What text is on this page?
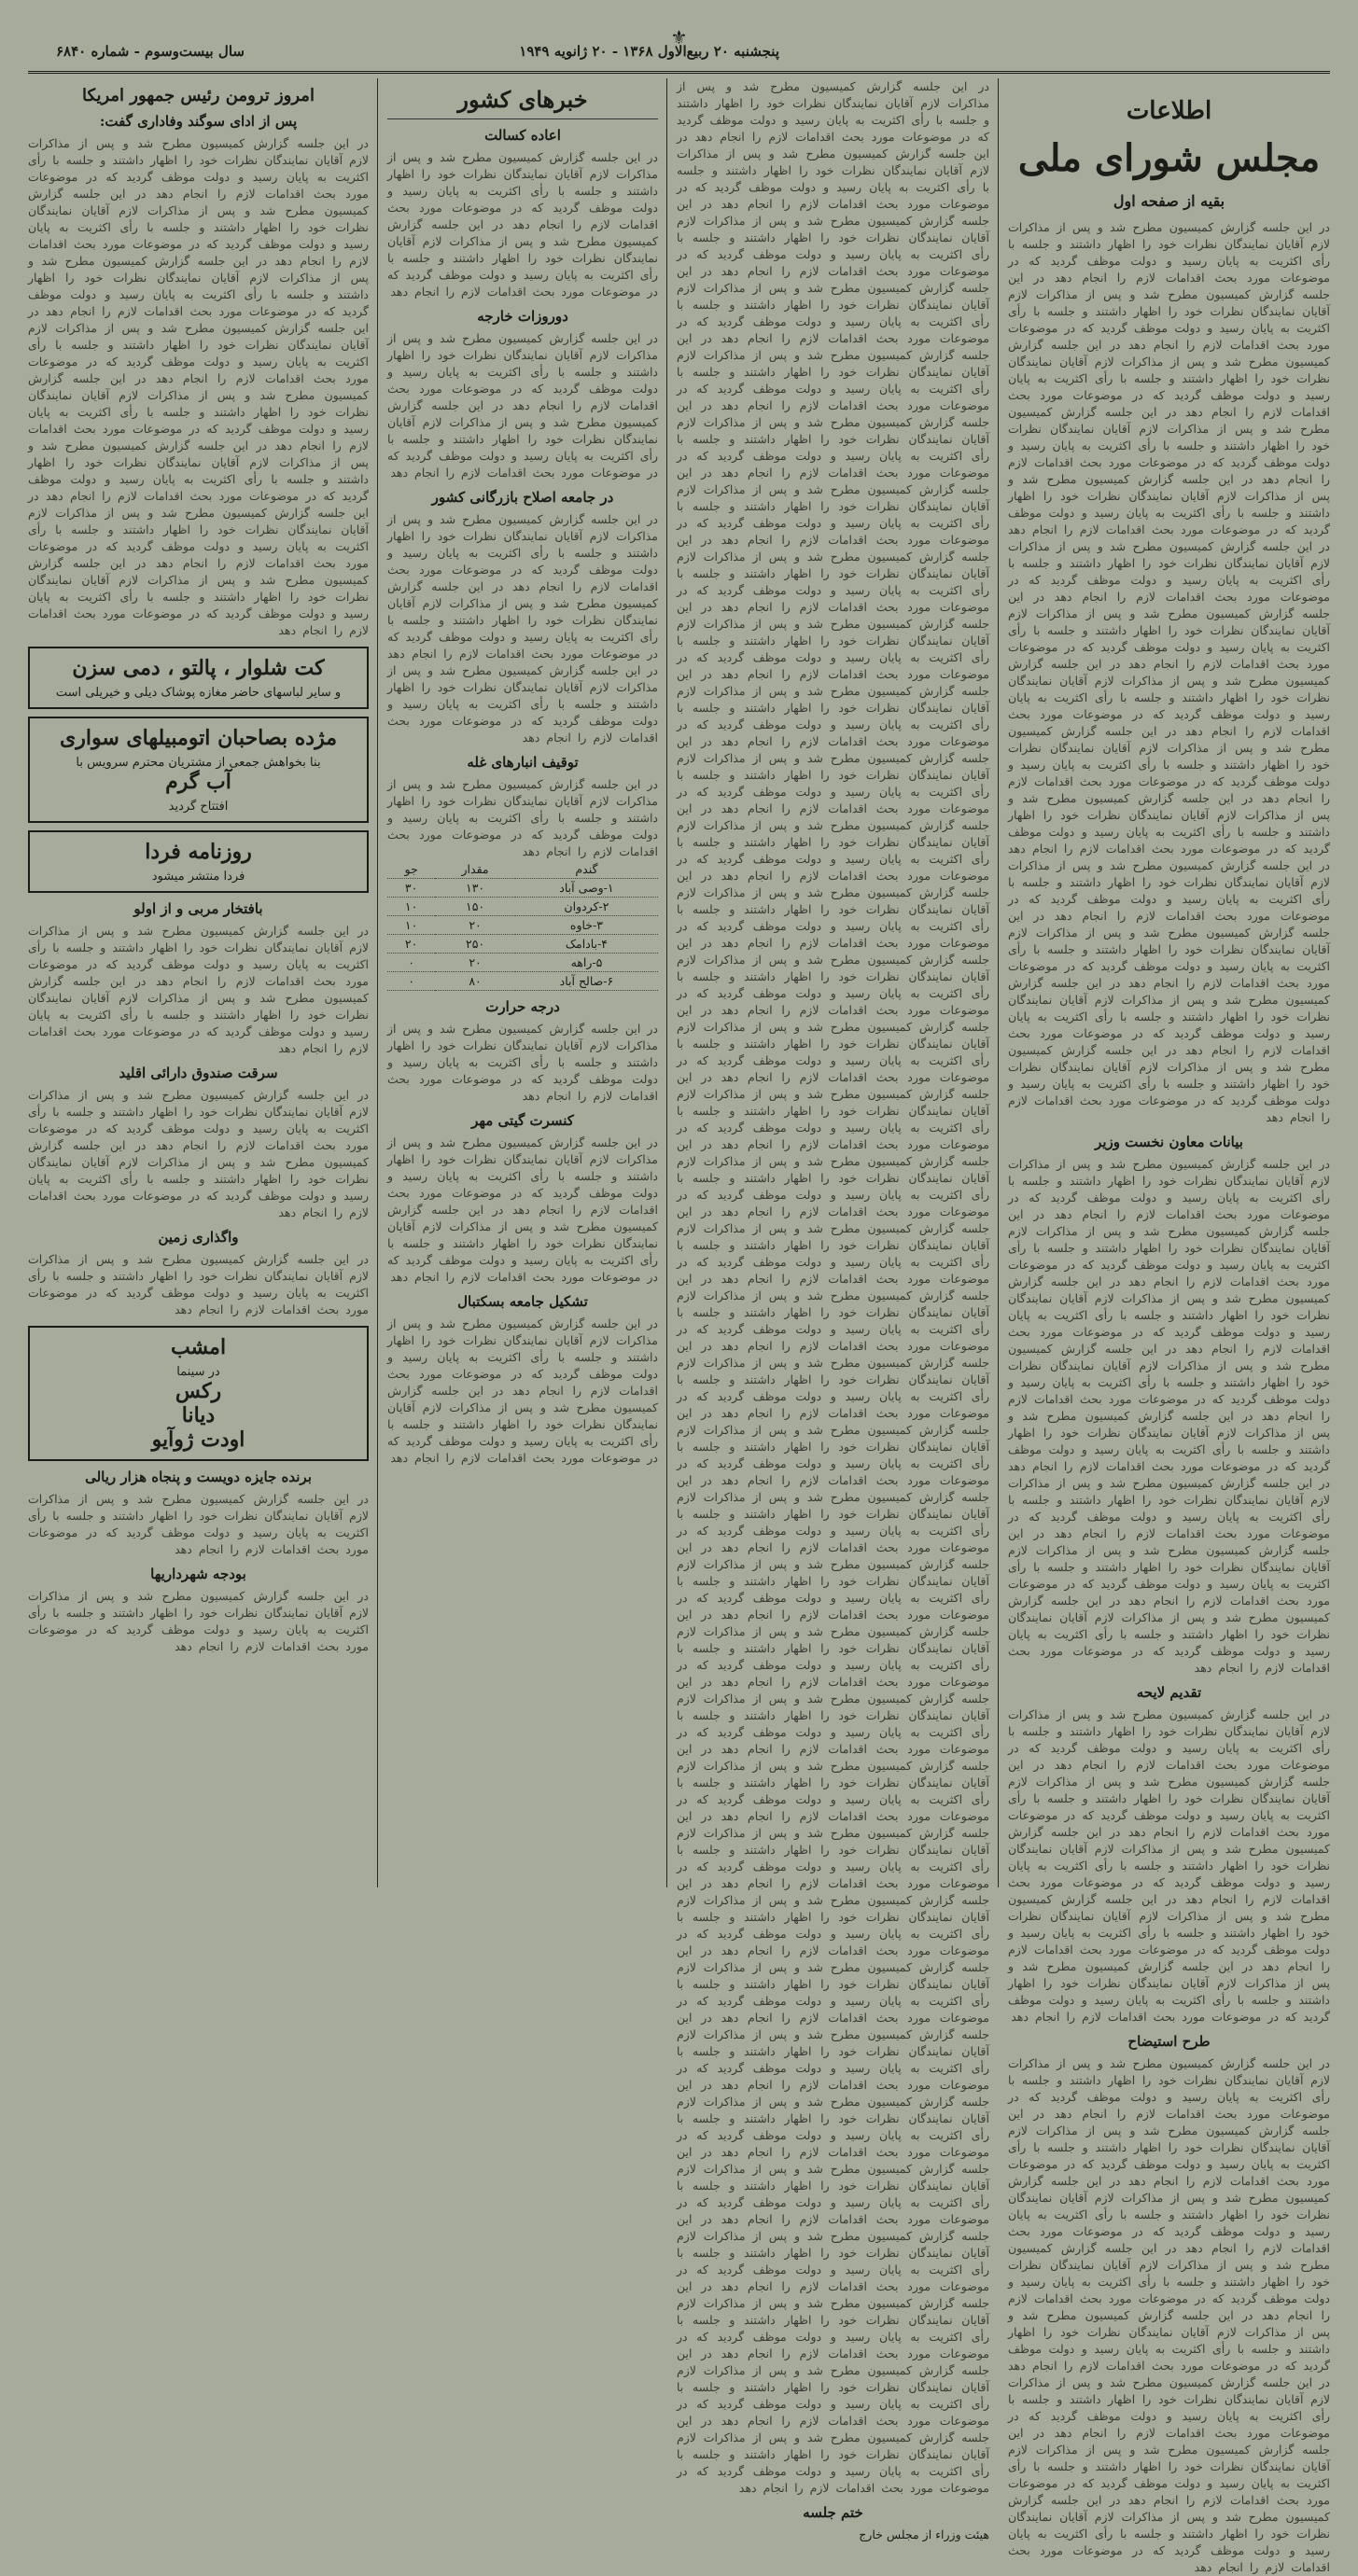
پنجشنبه ۲۰ ربیع‌الاول ۱۳۶۸ - ۲۰ ژانویه ۱۹۴۹
سال بیست‌وسوم - شماره ۶۸۴۰
⚜
اطلاعات
مجلس شورای ملی
بقیه از صفحه اول
در این جلسه گزارش کمیسیون مطرح شد و پس از مذاکرات لازم آقایان نمایندگان نظرات خود را اظهار داشتند و جلسه با رأی اکثریت به پایان رسید و دولت موظف گردید که در موضوعات مورد بحث اقدامات لازم را انجام دهد در این جلسه گزارش کمیسیون مطرح شد و پس از مذاکرات لازم آقایان نمایندگان نظرات خود را اظهار داشتند و جلسه با رأی اکثریت به پایان رسید و دولت موظف گردید که در موضوعات مورد بحث اقدامات لازم را انجام دهد در این جلسه گزارش کمیسیون مطرح شد و پس از مذاکرات لازم آقایان نمایندگان نظرات خود را اظهار داشتند و جلسه با رأی اکثریت به پایان رسید و دولت موظف گردید که در موضوعات مورد بحث اقدامات لازم را انجام دهد در این جلسه گزارش کمیسیون مطرح شد و پس از مذاکرات لازم آقایان نمایندگان نظرات خود را اظهار داشتند و جلسه با رأی اکثریت به پایان رسید و دولت موظف گردید که در موضوعات مورد بحث اقدامات لازم را انجام دهد در این جلسه گزارش کمیسیون مطرح شد و پس از مذاکرات لازم آقایان نمایندگان نظرات خود را اظهار داشتند و جلسه با رأی اکثریت به پایان رسید و دولت موظف گردید که در موضوعات مورد بحث اقدامات لازم را انجام دهد در این جلسه گزارش کمیسیون مطرح شد و پس از مذاکرات لازم آقایان نمایندگان نظرات خود را اظهار داشتند و جلسه با رأی اکثریت به پایان رسید و دولت موظف گردید که در موضوعات مورد بحث اقدامات لازم را انجام دهد در این جلسه گزارش کمیسیون مطرح شد و پس از مذاکرات لازم آقایان نمایندگان نظرات خود را اظهار داشتند و جلسه با رأی اکثریت به پایان رسید و دولت موظف گردید که در موضوعات مورد بحث اقدامات لازم را انجام دهد در این جلسه گزارش کمیسیون مطرح شد و پس از مذاکرات لازم آقایان نمایندگان نظرات خود را اظهار داشتند و جلسه با رأی اکثریت به پایان رسید و دولت موظف گردید که در موضوعات مورد بحث اقدامات لازم را انجام دهد در این جلسه گزارش کمیسیون مطرح شد و پس از مذاکرات لازم آقایان نمایندگان نظرات خود را اظهار داشتند و جلسه با رأی اکثریت به پایان رسید و دولت موظف گردید که در موضوعات مورد بحث اقدامات لازم را انجام دهد در این جلسه گزارش کمیسیون مطرح شد و پس از مذاکرات لازم آقایان نمایندگان نظرات خود را اظهار داشتند و جلسه با رأی اکثریت به پایان رسید و دولت موظف گردید که در موضوعات مورد بحث اقدامات لازم را انجام دهد در این جلسه گزارش کمیسیون مطرح شد و پس از مذاکرات لازم آقایان نمایندگان نظرات خود را اظهار داشتند و جلسه با رأی اکثریت به پایان رسید و دولت موظف گردید که در موضوعات مورد بحث اقدامات لازم را انجام دهد در این جلسه گزارش کمیسیون مطرح شد و پس از مذاکرات لازم آقایان نمایندگان نظرات خود را اظهار داشتند و جلسه با رأی اکثریت به پایان رسید و دولت موظف گردید که در موضوعات مورد بحث اقدامات لازم را انجام دهد در این جلسه گزارش کمیسیون مطرح شد و پس از مذاکرات لازم آقایان نمایندگان نظرات خود را اظهار داشتند و جلسه با رأی اکثریت به پایان رسید و دولت موظف گردید که در موضوعات مورد بحث اقدامات لازم را انجام دهد در این جلسه گزارش کمیسیون مطرح شد و پس از مذاکرات لازم آقایان نمایندگان نظرات خود را اظهار داشتند و جلسه با رأی اکثریت به پایان رسید و دولت موظف گردید که در موضوعات مورد بحث اقدامات لازم را انجام دهد
بیانات معاون نخست وزیر
در این جلسه گزارش کمیسیون مطرح شد و پس از مذاکرات لازم آقایان نمایندگان نظرات خود را اظهار داشتند و جلسه با رأی اکثریت به پایان رسید و دولت موظف گردید که در موضوعات مورد بحث اقدامات لازم را انجام دهد در این جلسه گزارش کمیسیون مطرح شد و پس از مذاکرات لازم آقایان نمایندگان نظرات خود را اظهار داشتند و جلسه با رأی اکثریت به پایان رسید و دولت موظف گردید که در موضوعات مورد بحث اقدامات لازم را انجام دهد در این جلسه گزارش کمیسیون مطرح شد و پس از مذاکرات لازم آقایان نمایندگان نظرات خود را اظهار داشتند و جلسه با رأی اکثریت به پایان رسید و دولت موظف گردید که در موضوعات مورد بحث اقدامات لازم را انجام دهد در این جلسه گزارش کمیسیون مطرح شد و پس از مذاکرات لازم آقایان نمایندگان نظرات خود را اظهار داشتند و جلسه با رأی اکثریت به پایان رسید و دولت موظف گردید که در موضوعات مورد بحث اقدامات لازم را انجام دهد در این جلسه گزارش کمیسیون مطرح شد و پس از مذاکرات لازم آقایان نمایندگان نظرات خود را اظهار داشتند و جلسه با رأی اکثریت به پایان رسید و دولت موظف گردید که در موضوعات مورد بحث اقدامات لازم را انجام دهد در این جلسه گزارش کمیسیون مطرح شد و پس از مذاکرات لازم آقایان نمایندگان نظرات خود را اظهار داشتند و جلسه با رأی اکثریت به پایان رسید و دولت موظف گردید که در موضوعات مورد بحث اقدامات لازم را انجام دهد در این جلسه گزارش کمیسیون مطرح شد و پس از مذاکرات لازم آقایان نمایندگان نظرات خود را اظهار داشتند و جلسه با رأی اکثریت به پایان رسید و دولت موظف گردید که در موضوعات مورد بحث اقدامات لازم را انجام دهد در این جلسه گزارش کمیسیون مطرح شد و پس از مذاکرات لازم آقایان نمایندگان نظرات خود را اظهار داشتند و جلسه با رأی اکثریت به پایان رسید و دولت موظف گردید که در موضوعات مورد بحث اقدامات لازم را انجام دهد
تقدیم لایحه
در این جلسه گزارش کمیسیون مطرح شد و پس از مذاکرات لازم آقایان نمایندگان نظرات خود را اظهار داشتند و جلسه با رأی اکثریت به پایان رسید و دولت موظف گردید که در موضوعات مورد بحث اقدامات لازم را انجام دهد در این جلسه گزارش کمیسیون مطرح شد و پس از مذاکرات لازم آقایان نمایندگان نظرات خود را اظهار داشتند و جلسه با رأی اکثریت به پایان رسید و دولت موظف گردید که در موضوعات مورد بحث اقدامات لازم را انجام دهد در این جلسه گزارش کمیسیون مطرح شد و پس از مذاکرات لازم آقایان نمایندگان نظرات خود را اظهار داشتند و جلسه با رأی اکثریت به پایان رسید و دولت موظف گردید که در موضوعات مورد بحث اقدامات لازم را انجام دهد در این جلسه گزارش کمیسیون مطرح شد و پس از مذاکرات لازم آقایان نمایندگان نظرات خود را اظهار داشتند و جلسه با رأی اکثریت به پایان رسید و دولت موظف گردید که در موضوعات مورد بحث اقدامات لازم را انجام دهد در این جلسه گزارش کمیسیون مطرح شد و پس از مذاکرات لازم آقایان نمایندگان نظرات خود را اظهار داشتند و جلسه با رأی اکثریت به پایان رسید و دولت موظف گردید که در موضوعات مورد بحث اقدامات لازم را انجام دهد
طرح استیضاح
در این جلسه گزارش کمیسیون مطرح شد و پس از مذاکرات لازم آقایان نمایندگان نظرات خود را اظهار داشتند و جلسه با رأی اکثریت به پایان رسید و دولت موظف گردید که در موضوعات مورد بحث اقدامات لازم را انجام دهد در این جلسه گزارش کمیسیون مطرح شد و پس از مذاکرات لازم آقایان نمایندگان نظرات خود را اظهار داشتند و جلسه با رأی اکثریت به پایان رسید و دولت موظف گردید که در موضوعات مورد بحث اقدامات لازم را انجام دهد در این جلسه گزارش کمیسیون مطرح شد و پس از مذاکرات لازم آقایان نمایندگان نظرات خود را اظهار داشتند و جلسه با رأی اکثریت به پایان رسید و دولت موظف گردید که در موضوعات مورد بحث اقدامات لازم را انجام دهد در این جلسه گزارش کمیسیون مطرح شد و پس از مذاکرات لازم آقایان نمایندگان نظرات خود را اظهار داشتند و جلسه با رأی اکثریت به پایان رسید و دولت موظف گردید که در موضوعات مورد بحث اقدامات لازم را انجام دهد در این جلسه گزارش کمیسیون مطرح شد و پس از مذاکرات لازم آقایان نمایندگان نظرات خود را اظهار داشتند و جلسه با رأی اکثریت به پایان رسید و دولت موظف گردید که در موضوعات مورد بحث اقدامات لازم را انجام دهد در این جلسه گزارش کمیسیون مطرح شد و پس از مذاکرات لازم آقایان نمایندگان نظرات خود را اظهار داشتند و جلسه با رأی اکثریت به پایان رسید و دولت موظف گردید که در موضوعات مورد بحث اقدامات لازم را انجام دهد در این جلسه گزارش کمیسیون مطرح شد و پس از مذاکرات لازم آقایان نمایندگان نظرات خود را اظهار داشتند و جلسه با رأی اکثریت به پایان رسید و دولت موظف گردید که در موضوعات مورد بحث اقدامات لازم را انجام دهد در این جلسه گزارش کمیسیون مطرح شد و پس از مذاکرات لازم آقایان نمایندگان نظرات خود را اظهار داشتند و جلسه با رأی اکثریت به پایان رسید و دولت موظف گردید که در موضوعات مورد بحث اقدامات لازم را انجام دهد
در این جلسه گزارش کمیسیون مطرح شد و پس از مذاکرات لازم آقایان نمایندگان نظرات خود را اظهار داشتند و جلسه با رأی اکثریت به پایان رسید و دولت موظف گردید که در موضوعات مورد بحث اقدامات لازم را انجام دهد در این جلسه گزارش کمیسیون مطرح شد و پس از مذاکرات لازم آقایان نمایندگان نظرات خود را اظهار داشتند و جلسه با رأی اکثریت به پایان رسید و دولت موظف گردید که در موضوعات مورد بحث اقدامات لازم را انجام دهد در این جلسه گزارش کمیسیون مطرح شد و پس از مذاکرات لازم آقایان نمایندگان نظرات خود را اظهار داشتند و جلسه با رأی اکثریت به پایان رسید و دولت موظف گردید که در موضوعات مورد بحث اقدامات لازم را انجام دهد در این جلسه گزارش کمیسیون مطرح شد و پس از مذاکرات لازم آقایان نمایندگان نظرات خود را اظهار داشتند و جلسه با رأی اکثریت به پایان رسید و دولت موظف گردید که در موضوعات مورد بحث اقدامات لازم را انجام دهد در این جلسه گزارش کمیسیون مطرح شد و پس از مذاکرات لازم آقایان نمایندگان نظرات خود را اظهار داشتند و جلسه با رأی اکثریت به پایان رسید و دولت موظف گردید که در موضوعات مورد بحث اقدامات لازم را انجام دهد در این جلسه گزارش کمیسیون مطرح شد و پس از مذاکرات لازم آقایان نمایندگان نظرات خود را اظهار داشتند و جلسه با رأی اکثریت به پایان رسید و دولت موظف گردید که در موضوعات مورد بحث اقدامات لازم را انجام دهد در این جلسه گزارش کمیسیون مطرح شد و پس از مذاکرات لازم آقایان نمایندگان نظرات خود را اظهار داشتند و جلسه با رأی اکثریت به پایان رسید و دولت موظف گردید که در موضوعات مورد بحث اقدامات لازم را انجام دهد در این جلسه گزارش کمیسیون مطرح شد و پس از مذاکرات لازم آقایان نمایندگان نظرات خود را اظهار داشتند و جلسه با رأی اکثریت به پایان رسید و دولت موظف گردید که در موضوعات مورد بحث اقدامات لازم را انجام دهد در این جلسه گزارش کمیسیون مطرح شد و پس از مذاکرات لازم آقایان نمایندگان نظرات خود را اظهار داشتند و جلسه با رأی اکثریت به پایان رسید و دولت موظف گردید که در موضوعات مورد بحث اقدامات لازم را انجام دهد در این جلسه گزارش کمیسیون مطرح شد و پس از مذاکرات لازم آقایان نمایندگان نظرات خود را اظهار داشتند و جلسه با رأی اکثریت به پایان رسید و دولت موظف گردید که در موضوعات مورد بحث اقدامات لازم را انجام دهد در این جلسه گزارش کمیسیون مطرح شد و پس از مذاکرات لازم آقایان نمایندگان نظرات خود را اظهار داشتند و جلسه با رأی اکثریت به پایان رسید و دولت موظف گردید که در موضوعات مورد بحث اقدامات لازم را انجام دهد در این جلسه گزارش کمیسیون مطرح شد و پس از مذاکرات لازم آقایان نمایندگان نظرات خود را اظهار داشتند و جلسه با رأی اکثریت به پایان رسید و دولت موظف گردید که در موضوعات مورد بحث اقدامات لازم را انجام دهد در این جلسه گزارش کمیسیون مطرح شد و پس از مذاکرات لازم آقایان نمایندگان نظرات خود را اظهار داشتند و جلسه با رأی اکثریت به پایان رسید و دولت موظف گردید که در موضوعات مورد بحث اقدامات لازم را انجام دهد در این جلسه گزارش کمیسیون مطرح شد و پس از مذاکرات لازم آقایان نمایندگان نظرات خود را اظهار داشتند و جلسه با رأی اکثریت به پایان رسید و دولت موظف گردید که در موضوعات مورد بحث اقدامات لازم را انجام دهد در این جلسه گزارش کمیسیون مطرح شد و پس از مذاکرات لازم آقایان نمایندگان نظرات خود را اظهار داشتند و جلسه با رأی اکثریت به پایان رسید و دولت موظف گردید که در موضوعات مورد بحث اقدامات لازم را انجام دهد در این جلسه گزارش کمیسیون مطرح شد و پس از مذاکرات لازم آقایان نمایندگان نظرات خود را اظهار داشتند و جلسه با رأی اکثریت به پایان رسید و دولت موظف گردید که در موضوعات مورد بحث اقدامات لازم را انجام دهد در این جلسه گزارش کمیسیون مطرح شد و پس از مذاکرات لازم آقایان نمایندگان نظرات خود را اظهار داشتند و جلسه با رأی اکثریت به پایان رسید و دولت موظف گردید که در موضوعات مورد بحث اقدامات لازم را انجام دهد در این جلسه گزارش کمیسیون مطرح شد و پس از مذاکرات لازم آقایان نمایندگان نظرات خود را اظهار داشتند و جلسه با رأی اکثریت به پایان رسید و دولت موظف گردید که در موضوعات مورد بحث اقدامات لازم را انجام دهد در این جلسه گزارش کمیسیون مطرح شد و پس از مذاکرات لازم آقایان نمایندگان نظرات خود را اظهار داشتند و جلسه با رأی اکثریت به پایان رسید و دولت موظف گردید که در موضوعات مورد بحث اقدامات لازم را انجام دهد در این جلسه گزارش کمیسیون مطرح شد و پس از مذاکرات لازم آقایان نمایندگان نظرات خود را اظهار داشتند و جلسه با رأی اکثریت به پایان رسید و دولت موظف گردید که در موضوعات مورد بحث اقدامات لازم را انجام دهد در این جلسه گزارش کمیسیون مطرح شد و پس از مذاکرات لازم آقایان نمایندگان نظرات خود را اظهار داشتند و جلسه با رأی اکثریت به پایان رسید و دولت موظف گردید که در موضوعات مورد بحث اقدامات لازم را انجام دهد در این جلسه گزارش کمیسیون مطرح شد و پس از مذاکرات لازم آقایان نمایندگان نظرات خود را اظهار داشتند و جلسه با رأی اکثریت به پایان رسید و دولت موظف گردید که در موضوعات مورد بحث اقدامات لازم را انجام دهد در این جلسه گزارش کمیسیون مطرح شد و پس از مذاکرات لازم آقایان نمایندگان نظرات خود را اظهار داشتند و جلسه با رأی اکثریت به پایان رسید و دولت موظف گردید که در موضوعات مورد بحث اقدامات لازم را انجام دهد در این جلسه گزارش کمیسیون مطرح شد و پس از مذاکرات لازم آقایان نمایندگان نظرات خود را اظهار داشتند و جلسه با رأی اکثریت به پایان رسید و دولت موظف گردید که در موضوعات مورد بحث اقدامات لازم را انجام دهد در این جلسه گزارش کمیسیون مطرح شد و پس از مذاکرات لازم آقایان نمایندگان نظرات خود را اظهار داشتند و جلسه با رأی اکثریت به پایان رسید و دولت موظف گردید که در موضوعات مورد بحث اقدامات لازم را انجام دهد در این جلسه گزارش کمیسیون مطرح شد و پس از مذاکرات لازم آقایان نمایندگان نظرات خود را اظهار داشتند و جلسه با رأی اکثریت به پایان رسید و دولت موظف گردید که در موضوعات مورد بحث اقدامات لازم را انجام دهد در این جلسه گزارش کمیسیون مطرح شد و پس از مذاکرات لازم آقایان نمایندگان نظرات خود را اظهار داشتند و جلسه با رأی اکثریت به پایان رسید و دولت موظف گردید که در موضوعات مورد بحث اقدامات لازم را انجام دهد در این جلسه گزارش کمیسیون مطرح شد و پس از مذاکرات لازم آقایان نمایندگان نظرات خود را اظهار داشتند و جلسه با رأی اکثریت به پایان رسید و دولت موظف گردید که در موضوعات مورد بحث اقدامات لازم را انجام دهد در این جلسه گزارش کمیسیون مطرح شد و پس از مذاکرات لازم آقایان نمایندگان نظرات خود را اظهار داشتند و جلسه با رأی اکثریت به پایان رسید و دولت موظف گردید که در موضوعات مورد بحث اقدامات لازم را انجام دهد در این جلسه گزارش کمیسیون مطرح شد و پس از مذاکرات لازم آقایان نمایندگان نظرات خود را اظهار داشتند و جلسه با رأی اکثریت به پایان رسید و دولت موظف گردید که در موضوعات مورد بحث اقدامات لازم را انجام دهد در این جلسه گزارش کمیسیون مطرح شد و پس از مذاکرات لازم آقایان نمایندگان نظرات خود را اظهار داشتند و جلسه با رأی اکثریت به پایان رسید و دولت موظف گردید که در موضوعات مورد بحث اقدامات لازم را انجام دهد در این جلسه گزارش کمیسیون مطرح شد و پس از مذاکرات لازم آقایان نمایندگان نظرات خود را اظهار داشتند و جلسه با رأی اکثریت به پایان رسید و دولت موظف گردید که در موضوعات مورد بحث اقدامات لازم را انجام دهد در این جلسه گزارش کمیسیون مطرح شد و پس از مذاکرات لازم آقایان نمایندگان نظرات خود را اظهار داشتند و جلسه با رأی اکثریت به پایان رسید و دولت موظف گردید که در موضوعات مورد بحث اقدامات لازم را انجام دهد در این جلسه گزارش کمیسیون مطرح شد و پس از مذاکرات لازم آقایان نمایندگان نظرات خود را اظهار داشتند و جلسه با رأی اکثریت به پایان رسید و دولت موظف گردید که در موضوعات مورد بحث اقدامات لازم را انجام دهد در این جلسه گزارش کمیسیون مطرح شد و پس از مذاکرات لازم آقایان نمایندگان نظرات خود را اظهار داشتند و جلسه با رأی اکثریت به پایان رسید و دولت موظف گردید که در موضوعات مورد بحث اقدامات لازم را انجام دهد در این جلسه گزارش کمیسیون مطرح شد و پس از مذاکرات لازم آقایان نمایندگان نظرات خود را اظهار داشتند و جلسه با رأی اکثریت به پایان رسید و دولت موظف گردید که در موضوعات مورد بحث اقدامات لازم را انجام دهد
ختم جلسه
هیئت وزراء از مجلس خارج
خبرهای کشور
اعاده کسالت
در این جلسه گزارش کمیسیون مطرح شد و پس از مذاکرات لازم آقایان نمایندگان نظرات خود را اظهار داشتند و جلسه با رأی اکثریت به پایان رسید و دولت موظف گردید که در موضوعات مورد بحث اقدامات لازم را انجام دهد در این جلسه گزارش کمیسیون مطرح شد و پس از مذاکرات لازم آقایان نمایندگان نظرات خود را اظهار داشتند و جلسه با رأی اکثریت به پایان رسید و دولت موظف گردید که در موضوعات مورد بحث اقدامات لازم را انجام دهد
دوروزات خارجه
در این جلسه گزارش کمیسیون مطرح شد و پس از مذاکرات لازم آقایان نمایندگان نظرات خود را اظهار داشتند و جلسه با رأی اکثریت به پایان رسید و دولت موظف گردید که در موضوعات مورد بحث اقدامات لازم را انجام دهد در این جلسه گزارش کمیسیون مطرح شد و پس از مذاکرات لازم آقایان نمایندگان نظرات خود را اظهار داشتند و جلسه با رأی اکثریت به پایان رسید و دولت موظف گردید که در موضوعات مورد بحث اقدامات لازم را انجام دهد
در جامعه اصلاح بازرگانی کشور
در این جلسه گزارش کمیسیون مطرح شد و پس از مذاکرات لازم آقایان نمایندگان نظرات خود را اظهار داشتند و جلسه با رأی اکثریت به پایان رسید و دولت موظف گردید که در موضوعات مورد بحث اقدامات لازم را انجام دهد در این جلسه گزارش کمیسیون مطرح شد و پس از مذاکرات لازم آقایان نمایندگان نظرات خود را اظهار داشتند و جلسه با رأی اکثریت به پایان رسید و دولت موظف گردید که در موضوعات مورد بحث اقدامات لازم را انجام دهد در این جلسه گزارش کمیسیون مطرح شد و پس از مذاکرات لازم آقایان نمایندگان نظرات خود را اظهار داشتند و جلسه با رأی اکثریت به پایان رسید و دولت موظف گردید که در موضوعات مورد بحث اقدامات لازم را انجام دهد
توقیف انبارهای غله
در این جلسه گزارش کمیسیون مطرح شد و پس از مذاکرات لازم آقایان نمایندگان نظرات خود را اظهار داشتند و جلسه با رأی اکثریت به پایان رسید و دولت موظف گردید که در موضوعات مورد بحث اقدامات لازم را انجام دهد
گندم	مقدار	جو
۱-وصی آباد	۱۳۰	۳۰
۲-کردوان	۱۵۰	۱۰
۳-خاوه	۲۰	۱۰
۴-بادامک	۲۵۰	۲۰
۵-راهه	۲۰	۰
۶-صالح آباد	۸۰	۰
درجه حرارت
در این جلسه گزارش کمیسیون مطرح شد و پس از مذاکرات لازم آقایان نمایندگان نظرات خود را اظهار داشتند و جلسه با رأی اکثریت به پایان رسید و دولت موظف گردید که در موضوعات مورد بحث اقدامات لازم را انجام دهد
کنسرت گیتی مهر
در این جلسه گزارش کمیسیون مطرح شد و پس از مذاکرات لازم آقایان نمایندگان نظرات خود را اظهار داشتند و جلسه با رأی اکثریت به پایان رسید و دولت موظف گردید که در موضوعات مورد بحث اقدامات لازم را انجام دهد در این جلسه گزارش کمیسیون مطرح شد و پس از مذاکرات لازم آقایان نمایندگان نظرات خود را اظهار داشتند و جلسه با رأی اکثریت به پایان رسید و دولت موظف گردید که در موضوعات مورد بحث اقدامات لازم را انجام دهد
تشکیل جامعه بسکتبال
در این جلسه گزارش کمیسیون مطرح شد و پس از مذاکرات لازم آقایان نمایندگان نظرات خود را اظهار داشتند و جلسه با رأی اکثریت به پایان رسید و دولت موظف گردید که در موضوعات مورد بحث اقدامات لازم را انجام دهد در این جلسه گزارش کمیسیون مطرح شد و پس از مذاکرات لازم آقایان نمایندگان نظرات خود را اظهار داشتند و جلسه با رأی اکثریت به پایان رسید و دولت موظف گردید که در موضوعات مورد بحث اقدامات لازم را انجام دهد
امروز ترومن رئیس جمهور امریکا
پس از ادای سوگند وفاداری گفت:
در این جلسه گزارش کمیسیون مطرح شد و پس از مذاکرات لازم آقایان نمایندگان نظرات خود را اظهار داشتند و جلسه با رأی اکثریت به پایان رسید و دولت موظف گردید که در موضوعات مورد بحث اقدامات لازم را انجام دهد در این جلسه گزارش کمیسیون مطرح شد و پس از مذاکرات لازم آقایان نمایندگان نظرات خود را اظهار داشتند و جلسه با رأی اکثریت به پایان رسید و دولت موظف گردید که در موضوعات مورد بحث اقدامات لازم را انجام دهد در این جلسه گزارش کمیسیون مطرح شد و پس از مذاکرات لازم آقایان نمایندگان نظرات خود را اظهار داشتند و جلسه با رأی اکثریت به پایان رسید و دولت موظف گردید که در موضوعات مورد بحث اقدامات لازم را انجام دهد در این جلسه گزارش کمیسیون مطرح شد و پس از مذاکرات لازم آقایان نمایندگان نظرات خود را اظهار داشتند و جلسه با رأی اکثریت به پایان رسید و دولت موظف گردید که در موضوعات مورد بحث اقدامات لازم را انجام دهد در این جلسه گزارش کمیسیون مطرح شد و پس از مذاکرات لازم آقایان نمایندگان نظرات خود را اظهار داشتند و جلسه با رأی اکثریت به پایان رسید و دولت موظف گردید که در موضوعات مورد بحث اقدامات لازم را انجام دهد در این جلسه گزارش کمیسیون مطرح شد و پس از مذاکرات لازم آقایان نمایندگان نظرات خود را اظهار داشتند و جلسه با رأی اکثریت به پایان رسید و دولت موظف گردید که در موضوعات مورد بحث اقدامات لازم را انجام دهد در این جلسه گزارش کمیسیون مطرح شد و پس از مذاکرات لازم آقایان نمایندگان نظرات خود را اظهار داشتند و جلسه با رأی اکثریت به پایان رسید و دولت موظف گردید که در موضوعات مورد بحث اقدامات لازم را انجام دهد در این جلسه گزارش کمیسیون مطرح شد و پس از مذاکرات لازم آقایان نمایندگان نظرات خود را اظهار داشتند و جلسه با رأی اکثریت به پایان رسید و دولت موظف گردید که در موضوعات مورد بحث اقدامات لازم را انجام دهد
کت شلوار ، پالتو ، دمی سزن
و سایر لباسهای حاضر مغازه پوشاک دیلی و خیریلی است
مژده بصاحبان اتومبیلهای سواری
بنا بخواهش جمعی از مشتریان محترم سرویس با
آب گرم
افتتاح گردید
روزنامه فردا
فردا منتشر میشود
بافتخار مربی و از اولو
در این جلسه گزارش کمیسیون مطرح شد و پس از مذاکرات لازم آقایان نمایندگان نظرات خود را اظهار داشتند و جلسه با رأی اکثریت به پایان رسید و دولت موظف گردید که در موضوعات مورد بحث اقدامات لازم را انجام دهد در این جلسه گزارش کمیسیون مطرح شد و پس از مذاکرات لازم آقایان نمایندگان نظرات خود را اظهار داشتند و جلسه با رأی اکثریت به پایان رسید و دولت موظف گردید که در موضوعات مورد بحث اقدامات لازم را انجام دهد
سرقت صندوق دارائی اقلید
در این جلسه گزارش کمیسیون مطرح شد و پس از مذاکرات لازم آقایان نمایندگان نظرات خود را اظهار داشتند و جلسه با رأی اکثریت به پایان رسید و دولت موظف گردید که در موضوعات مورد بحث اقدامات لازم را انجام دهد در این جلسه گزارش کمیسیون مطرح شد و پس از مذاکرات لازم آقایان نمایندگان نظرات خود را اظهار داشتند و جلسه با رأی اکثریت به پایان رسید و دولت موظف گردید که در موضوعات مورد بحث اقدامات لازم را انجام دهد
واگذاری زمین
در این جلسه گزارش کمیسیون مطرح شد و پس از مذاکرات لازم آقایان نمایندگان نظرات خود را اظهار داشتند و جلسه با رأی اکثریت به پایان رسید و دولت موظف گردید که در موضوعات مورد بحث اقدامات لازم را انجام دهد
امشب
در سینما
رکس
دیانا
اودت ژوآیو
برنده جایزه دویست و پنجاه هزار ریالی
در این جلسه گزارش کمیسیون مطرح شد و پس از مذاکرات لازم آقایان نمایندگان نظرات خود را اظهار داشتند و جلسه با رأی اکثریت به پایان رسید و دولت موظف گردید که در موضوعات مورد بحث اقدامات لازم را انجام دهد
بودجه شهرداریها
در این جلسه گزارش کمیسیون مطرح شد و پس از مذاکرات لازم آقایان نمایندگان نظرات خود را اظهار داشتند و جلسه با رأی اکثریت به پایان رسید و دولت موظف گردید که در موضوعات مورد بحث اقدامات لازم را انجام دهد
